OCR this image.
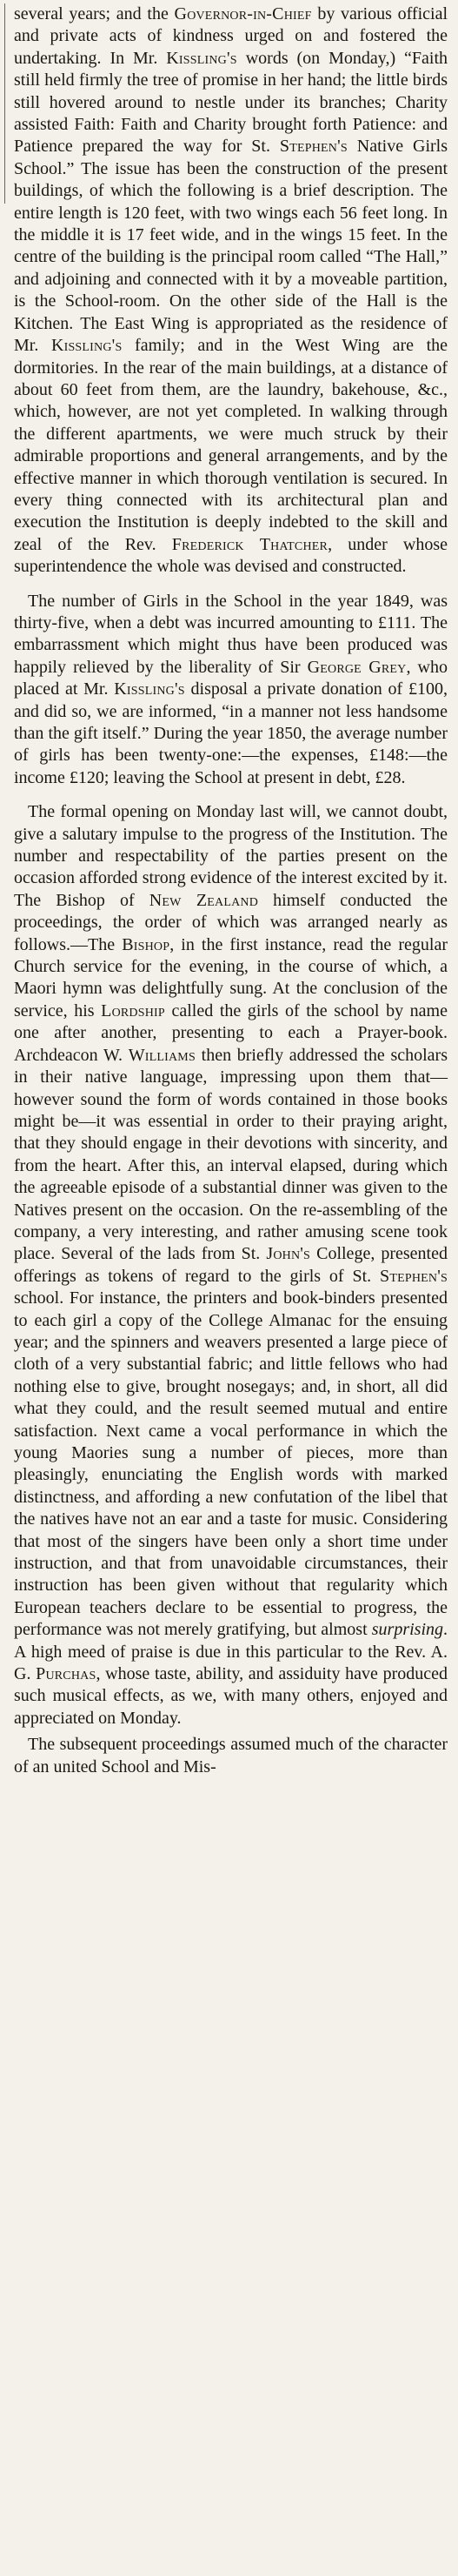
several years; and the Governor-in-Chief by various official and private acts of kindness urged on and fostered the undertaking. In Mr. Kissling's words (on Monday,) “Faith still held firmly the tree of promise in her hand; the little birds still hovered around to nestle under its branches; Charity assisted Faith: Faith and Charity brought forth Patience: and Patience prepared the way for St. Stephen's Native Girls School.” The issue has been the construction of the present buildings, of which the following is a brief description. The entire length is 120 feet, with two wings each 56 feet long. In the middle it is 17 feet wide, and in the wings 15 feet. In the centre of the building is the principal room called “The Hall,” and adjoining and connected with it by a moveable partition, is the School-room. On the other side of the Hall is the Kitchen. The East Wing is appropriated as the residence of Mr. Kissling's family; and in the West Wing are the dormitories. In the rear of the main buildings, at a distance of about 60 feet from them, are the laundry, bakehouse, &c., which, however, are not yet completed. In walking through the different apartments, we were much struck by their admirable proportions and general arrangements, and by the effective manner in which thorough ventilation is secured. In every thing connected with its architectural plan and execution the Institution is deeply indebted to the skill and zeal of the Rev. Frederick Thatcher, under whose superintendence the whole was devised and constructed.

The number of Girls in the School in the year 1849, was thirty-five, when a debt was incurred amounting to £111. The embarrassment which might thus have been produced was happily relieved by the liberality of Sir George Grey, who placed at Mr. Kissling's disposal a private donation of £100, and did so, we are informed, “in a manner not less handsome than the gift itself.” During the year 1850, the average number of girls has been twenty-one:—the expenses, £148:—the income £120; leaving the School at present in debt, £28.

The formal opening on Monday last will, we cannot doubt, give a salutary impulse to the progress of the Institution. The number and respectability of the parties present on the occasion afforded strong evidence of the interest excited by it. The Bishop of New Zealand himself conducted the proceedings, the order of which was arranged nearly as follows.—The Bishop, in the first instance, read the regular Church service for the evening, in the course of which, a Maori hymn was delightfully sung. At the conclusion of the service, his Lordship called the girls of the school by name one after another, presenting to each a Prayer-book. Archdeacon W. Williams then briefly addressed the scholars in their native language, impressing upon them that—however sound the form of words contained in those books might be—it was essential in order to their praying aright, that they should engage in their devotions with sincerity, and from the heart. After this, an interval elapsed, during which the agreeable episode of a substantial dinner was given to the Natives present on the occasion. On the re-assembling of the company, a very interesting, and rather amusing scene took place. Several of the lads from St. John's College, presented offerings as tokens of regard to the girls of St. Stephen's school. For instance, the printers and book-binders presented to each girl a copy of the College Almanac for the ensuing year; and the spinners and weavers presented a large piece of cloth of a very substantial fabric; and little fellows who had nothing else to give, brought nosegays; and, in short, all did what they could, and the result seemed mutual and entire satisfaction. Next came a vocal performance in which the young Maories sung a number of pieces, more than pleasingly, enunciating the English words with marked distinctness, and affording a new confutation of the libel that the natives have not an ear and a taste for music. Considering that most of the singers have been only a short time under instruction, and that from unavoidable circumstances, their instruction has been given without that regularity which European teachers declare to be essential to progress, the performance was not merely gratifying, but almost surprising. A high meed of praise is due in this particular to the Rev. A. G. Purchas, whose taste, ability, and assiduity have produced such musical effects, as we, with many others, enjoyed and appreciated on Monday.

The subsequent proceedings assumed much of the character of an united School and Mis-
